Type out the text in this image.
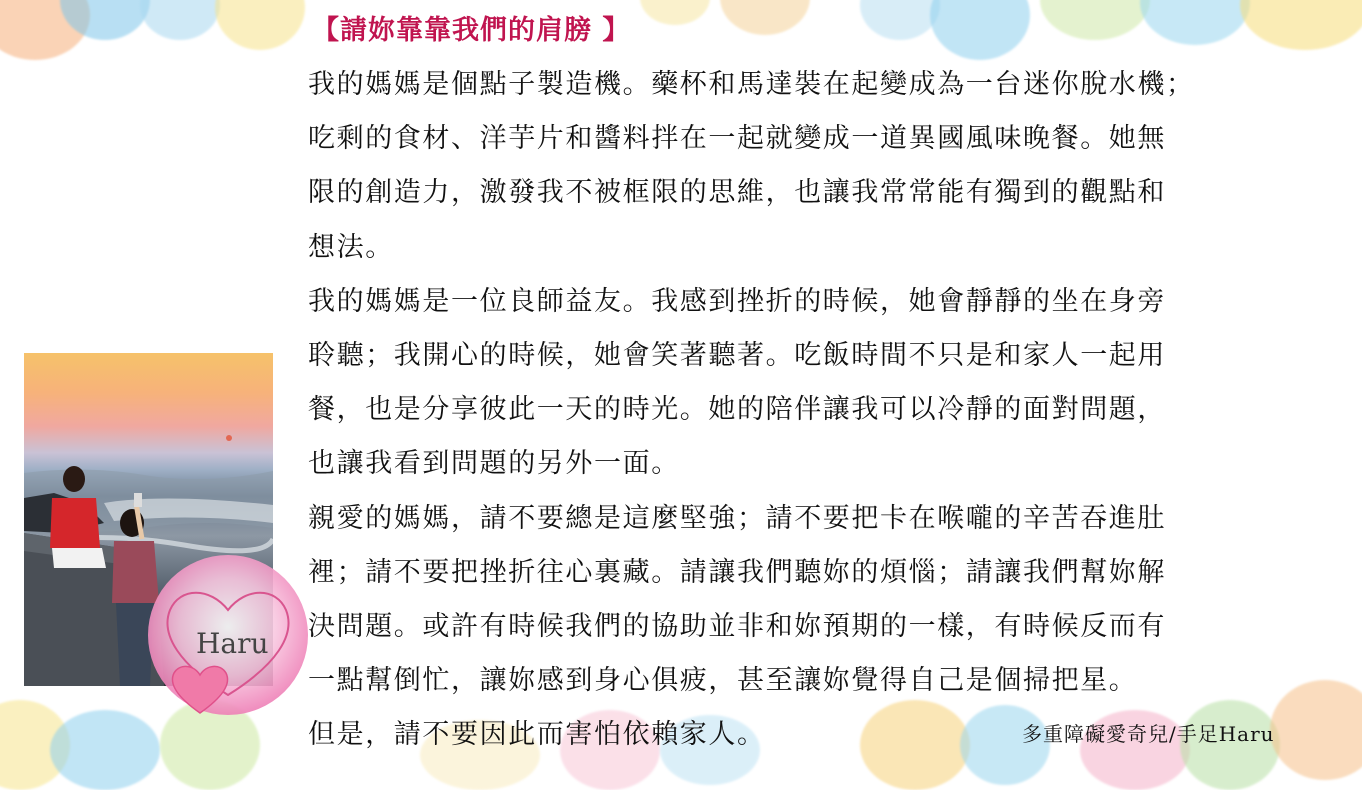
【請妳靠靠我們的肩膀 】

我的媽媽是個點子製造機。藥杯和馬達裝在起變成為一台迷你脫水機；
吃剩的食材、洋芋片和醬料拌在一起就變成一道異國風味晚餐。她無
限的創造力，激發我不被框限的思維，也讓我常常能有獨到的觀點和
想法。

我的媽媽是一位良師益友。我感到挫折的時候，她會靜靜的坐在身旁
聆聽；我開心的時候，她會笑著聽著。吃飯時間不只是和家人一起用
餐，也是分享彼此一天的時光。她的陪伴讓我可以冷靜的面對問題，
也讓我看到問題的另外一面。

親愛的媽媽，請不要總是這麼堅強；請不要把卡在喉嚨的辛苦吞進肚
裡；請不要把挫折往心裏藏。請讓我們聽妳的煩惱；請讓我們幫妳解
決問題。或許有時候我們的協助並非和妳預期的一樣，有時候反而有
一點幫倒忙，讓妳感到身心俱疲，甚至讓妳覺得自己是個掃把星。
但是，請不要因此而害怕依賴家人。	多重障礙愛奇兒/手足Haru
Haru
